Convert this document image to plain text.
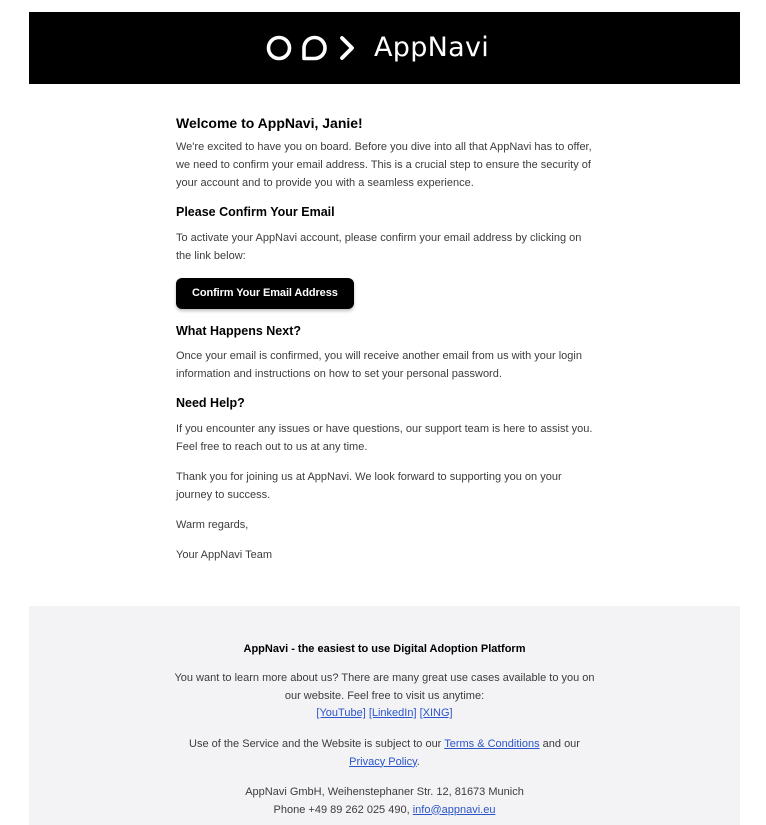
AppNavi
Welcome to AppNavi, Janie!

We're excited to have you on board. Before you dive into all that AppNavi has to offer,

we need to confirm your email address. This is a crucial step to ensure the security of

your account and to provide you with a seamless experience.

Please Confirm Your Email

To activate your AppNavi account, please confirm your email address by clicking on

the link below:

Confirm Your Email Address
What Happens Next?

Once your email is confirmed, you will receive another email from us with your login

information and instructions on how to set your personal password.

Need Help?

If you encounter any issues or have questions, our support team is here to assist you.

Feel free to reach out to us at any time.

Thank you for joining us at AppNavi. We look forward to supporting you on your

journey to success.

Warm regards,

Your AppNavi Team

AppNavi - the easiest to use Digital Adoption Platform
You want to learn more about us? There are many great use cases available to you on
our website. Feel free to visit us anytime:
[YouTube] [LinkedIn] [XING]
Use of the Service and the Website is subject to our Terms & Conditions and our
Privacy Policy.
AppNavi GmbH, Weihenstephaner Str. 12, 81673 Munich
Phone +49 89 262 025 490, info@appnavi.eu
